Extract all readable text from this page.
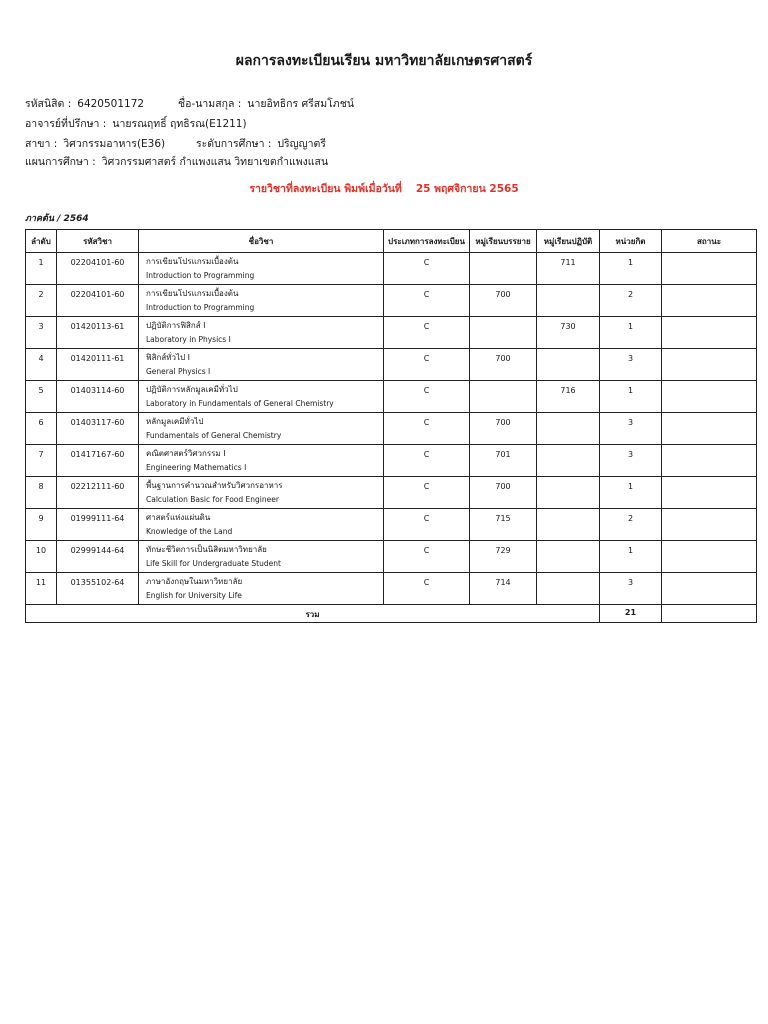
ผลการลงทะเบียนเรียน มหาวิทยาลัยเกษตรศาสตร์
รหัสนิสิต : 6420501172	ชื่อ-นามสกุล : นายอิทธิกร ศรีสมโภชน์
อาจารย์ที่ปรึกษา : นายรณฤทธิ์ ฤทธิรณ(E1211)
สาขา : วิศวกรรมอาหาร(E36)	ระดับการศึกษา : ปริญญาตรี
แผนการศึกษา : วิศวกรรมศาสตร์ กำแพงแสน วิทยาเขตกำแพงแสน
รายวิชาที่ลงทะเบียน พิมพ์เมื่อวันที่ 25 พฤศจิกายน 2565
ภาคต้น / 2564
ลำดับ	รหัสวิชา	ชื่อวิชา	ประเภทการลงทะเบียน	หมู่เรียนบรรยาย	หมู่เรียนปฏิบัติ	หน่วยกิต	สถานะ
1	02204101-60	การเขียนโปรแกรมเบื้องต้น
Introduction to Programming	C		711	1	
2	02204101-60	การเขียนโปรแกรมเบื้องต้น
Introduction to Programming	C	700		2	
3	01420113-61	ปฏิบัติการฟิสิกส์ I
Laboratory in Physics I	C		730	1	
4	01420111-61	ฟิสิกส์ทั่วไป I
General Physics I	C	700		3	
5	01403114-60	ปฏิบัติการหลักมูลเคมีทั่วไป
Laboratory in Fundamentals of General Chemistry	C		716	1	
6	01403117-60	หลักมูลเคมีทั่วไป
Fundamentals of General Chemistry	C	700		3	
7	01417167-60	คณิตศาสตร์วิศวกรรม I
Engineering Mathematics I	C	701		3	
8	02212111-60	พื้นฐานการคำนวณสำหรับวิศวกรอาหาร
Calculation Basic for Food Engineer	C	700		1	
9	01999111-64	ศาสตร์แห่งแผ่นดิน
Knowledge of the Land	C	715		2	
10	02999144-64	ทักษะชีวิตการเป็นนิสิตมหาวิทยาลัย
Life Skill for Undergraduate Student	C	729		1	
11	01355102-64	ภาษาอังกฤษในมหาวิทยาลัย
English for University Life	C	714		3	
รวม						21	
